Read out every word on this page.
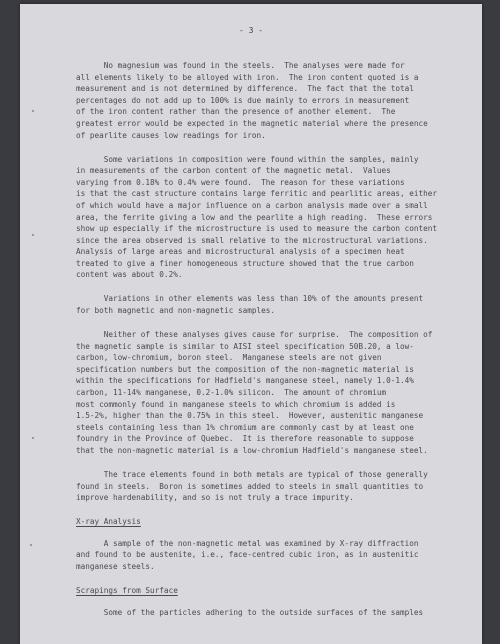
- 3 -
No magnesium was found in the steels.  The analyses were made for
all elements likely to be alloyed with iron.  The iron content quoted is a
measurement and is not determined by difference.  The fact that the total
percentages do not add up to 100% is due mainly to errors in measurement
of the iron content rather than the presence of another element.  The
greatest error would be expected in the magnetic material where the presence
of pearlite causes low readings for iron.
Some variations in composition were found within the samples, mainly
in measurements of the carbon content of the magnetic metal.  Values
varying from 0.18% to 0.4% were found.  The reason for these variations
is that the cast structure contains large ferritic and pearlitic areas, either
of which would have a major influence on a carbon analysis made over a small
area, the ferrite giving a low and the pearlite a high reading.  These errors
show up especially if the microstructure is used to measure the carbon content
since the area observed is small relative to the microstructural variations.
Analysis of large areas and microstructural analysis of a specimen heat
treated to give a finer homogeneous structure showed that the true carbon
content was about 0.2%.
Variations in other elements was less than 10% of the amounts present
for both magnetic and non-magnetic samples.
Neither of these analyses gives cause for surprise.  The composition of
the magnetic sample is similar to AISI steel specification 50B.20, a low-
carbon, low-chromium, boron steel.  Manganese steels are not given
specification numbers but the composition of the non-magnetic material is
within the specifications for Hadfield's manganese steel, namely 1.0-1.4%
carbon, 11-14% manganese, 0.2-1.0% silicon.  The amount of chromium
most commonly found in manganese steels to which chromium is added is
1.5-2%, higher than the 0.75% in this steel.  However, austenitic manganese
steels containing less than 1% chromium are commonly cast by at least one
foundry in the Province of Quebec.  It is therefore reasonable to suppose
that the non-magnetic material is a low-chromium Hadfield's manganese steel.
The trace elements found in both metals are typical of those generally
found in steels.  Boron is sometimes added to steels in small quantities to
improve hardenability, and so is not truly a trace impurity.
X-ray Analysis
A sample of the non-magnetic metal was examined by X-ray diffraction
and found to be austenite, i.e., face-centred cubic iron, as in austenitic
manganese steels.
Scrapings from Surface
Some of the particles adhering to the outside surfaces of the samples
